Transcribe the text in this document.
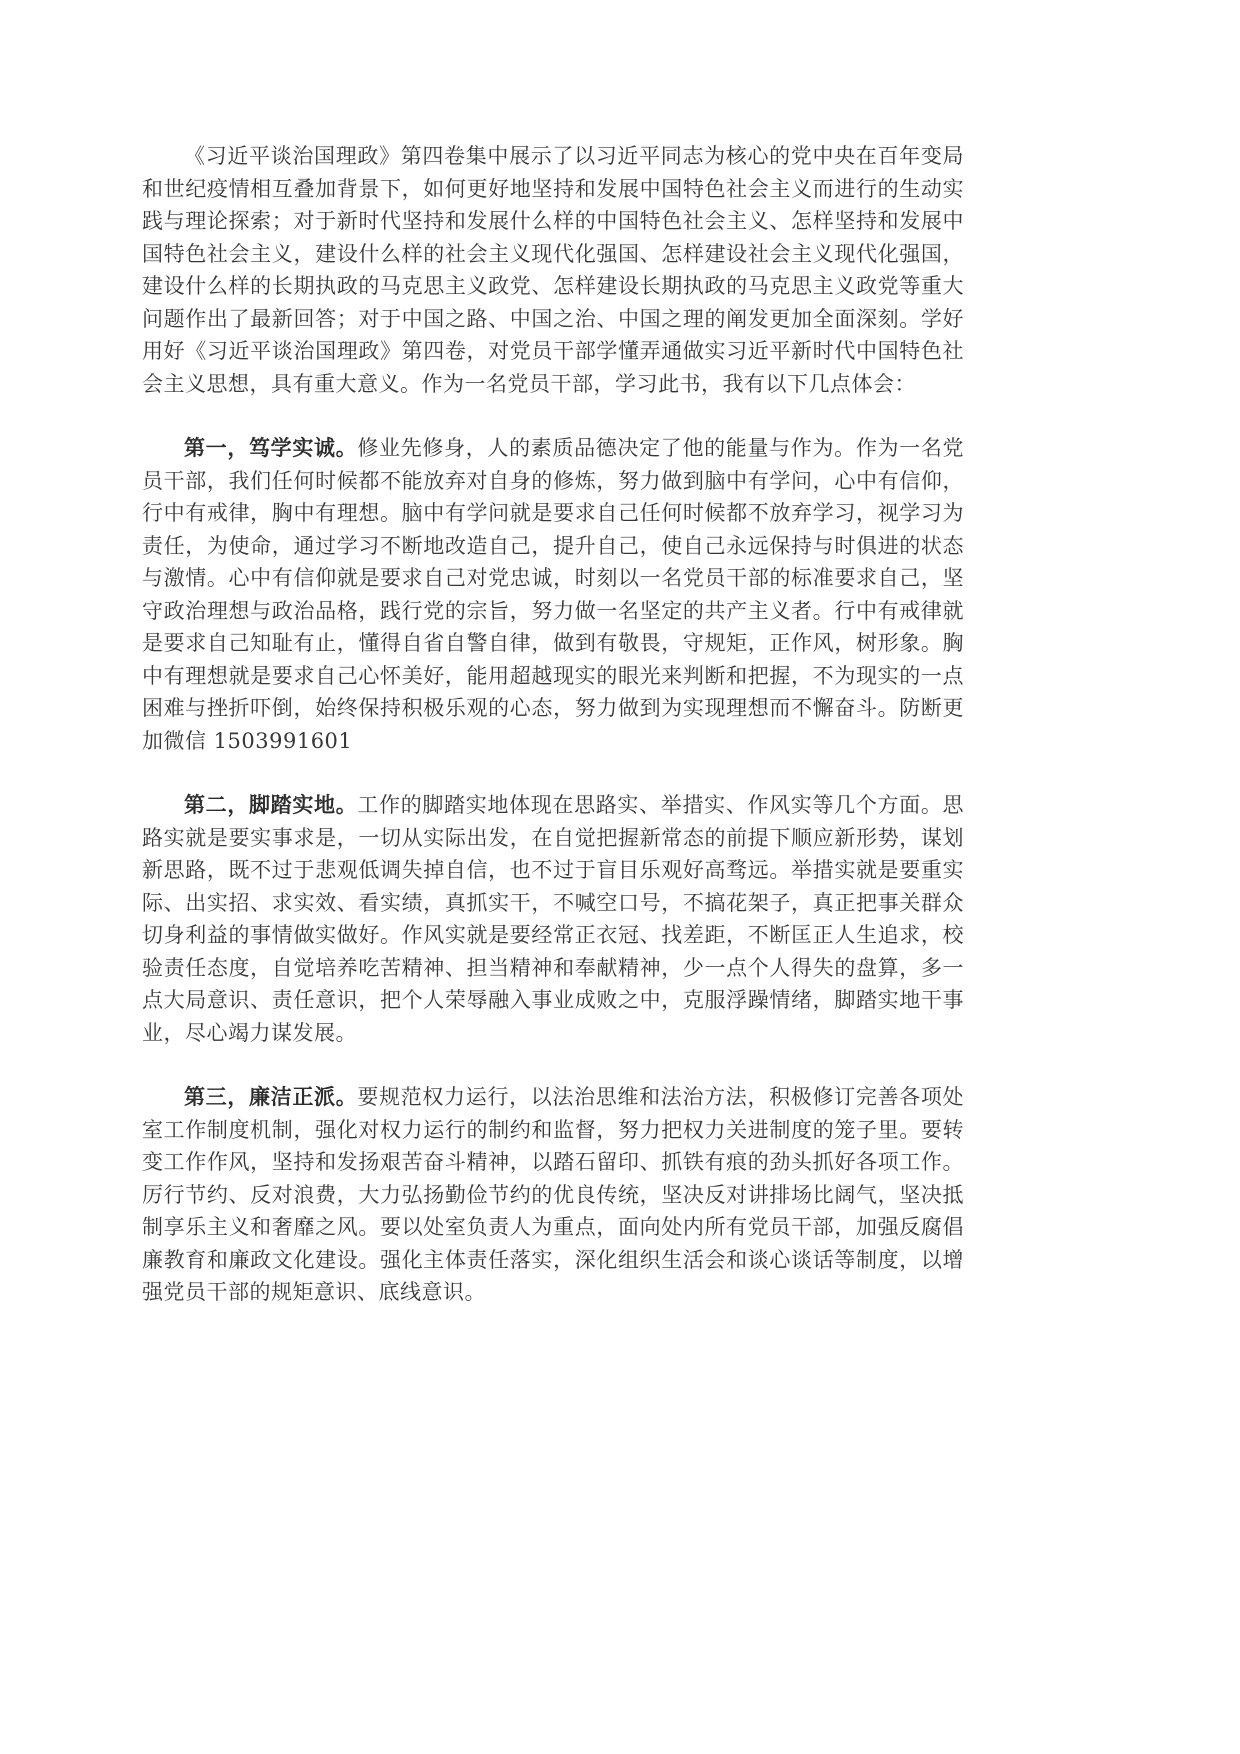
《习近平谈治国理政》第四卷集中展示了以习近平同志为核心的党中央在百年变局和世纪疫情相互叠加背景下，如何更好地坚持和发展中国特色社会主义而进行的生动实践与理论探索；对于新时代坚持和发展什么样的中国特色社会主义、怎样坚持和发展中国特色社会主义，建设什么样的社会主义现代化强国、怎样建设社会主义现代化强国，建设什么样的长期执政的马克思主义政党、怎样建设长期执政的马克思主义政党等重大问题作出了最新回答；对于中国之路、中国之治、中国之理的阐发更加全面深刻。学好用好《习近平谈治国理政》第四卷，对党员干部学懂弄通做实习近平新时代中国特色社会主义思想，具有重大意义。作为一名党员干部，学习此书，我有以下几点体会：

第一，笃学实诚。修业先修身，人的素质品德决定了他的能量与作为。作为一名党员干部，我们任何时候都不能放弃对自身的修炼，努力做到脑中有学问，心中有信仰，行中有戒律，胸中有理想。脑中有学问就是要求自己任何时候都不放弃学习，视学习为责任，为使命，通过学习不断地改造自己，提升自己，使自己永远保持与时俱进的状态与激情。心中有信仰就是要求自己对党忠诚，时刻以一名党员干部的标准要求自己，坚守政治理想与政治品格，践行党的宗旨，努力做一名坚定的共产主义者。行中有戒律就是要求自己知耻有止，懂得自省自警自律，做到有敬畏，守规矩，正作风，树形象。胸中有理想就是要求自己心怀美好，能用超越现实的眼光来判断和把握，不为现实的一点困难与挫折吓倒，始终保持积极乐观的心态，努力做到为实现理想而不懈奋斗。防断更加微信 1503991601

第二，脚踏实地。工作的脚踏实地体现在思路实、举措实、作风实等几个方面。思路实就是要实事求是，一切从实际出发，在自觉把握新常态的前提下顺应新形势，谋划新思路，既不过于悲观低调失掉自信，也不过于盲目乐观好高骛远。举措实就是要重实际、出实招、求实效、看实绩，真抓实干，不喊空口号，不搞花架子，真正把事关群众切身利益的事情做实做好。作风实就是要经常正衣冠、找差距，不断匡正人生追求，校验责任态度，自觉培养吃苦精神、担当精神和奉献精神，少一点个人得失的盘算，多一点大局意识、责任意识，把个人荣辱融入事业成败之中，克服浮躁情绪，脚踏实地干事业，尽心竭力谋发展。

第三，廉洁正派。要规范权力运行，以法治思维和法治方法，积极修订完善各项处室工作制度机制，强化对权力运行的制约和监督，努力把权力关进制度的笼子里。要转变工作作风，坚持和发扬艰苦奋斗精神，以踏石留印、抓铁有痕的劲头抓好各项工作。厉行节约、反对浪费，大力弘扬勤俭节约的优良传统，坚决反对讲排场比阔气，坚决抵制享乐主义和奢靡之风。要以处室负责人为重点，面向处内所有党员干部，加强反腐倡廉教育和廉政文化建设。强化主体责任落实，深化组织生活会和谈心谈话等制度，以增强党员干部的规矩意识、底线意识。
